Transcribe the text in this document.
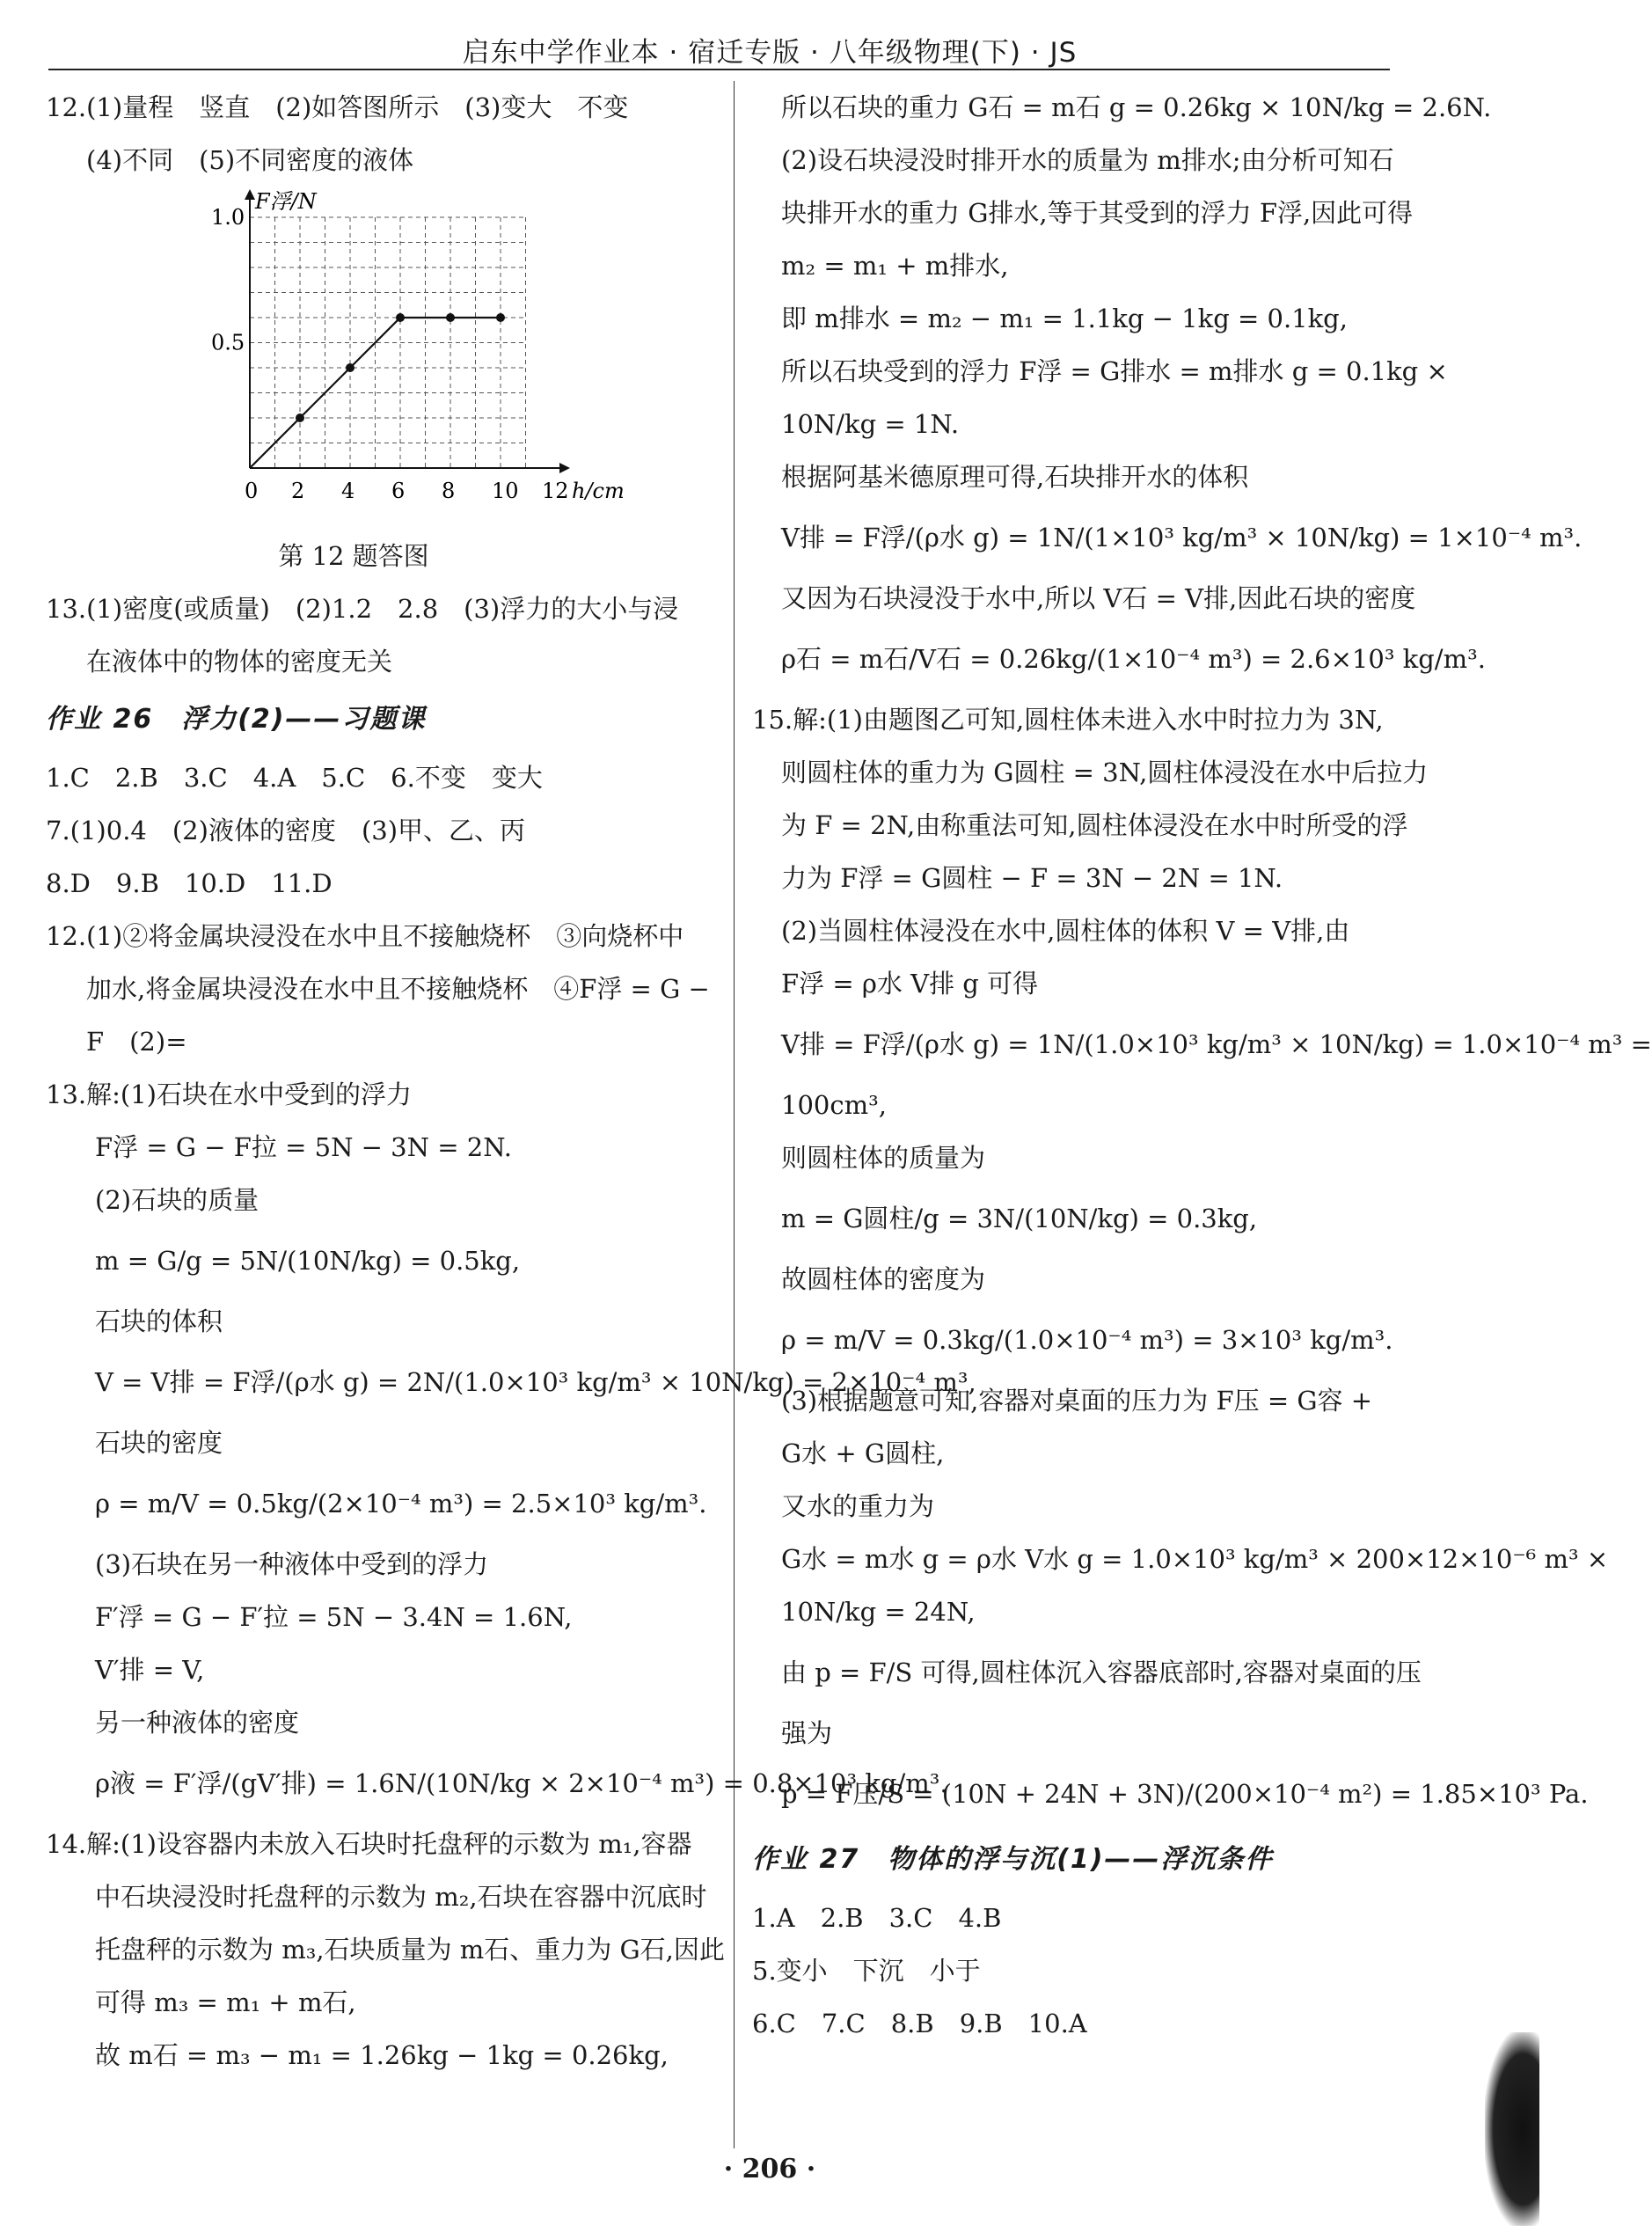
启东中学作业本 · 宿迁专版 · 八年级物理(下) · JS
12.(1)量程　竖直　(2)如答图所示　(3)变大　不变
(4)不同　(5)不同密度的液体
0 2 4 6 8 10 12
0.5
1.0
h/cm
F浮/N
第 12 题答图
13.(1)密度(或质量)　(2)1.2　2.8　(3)浮力的大小与浸
在液体中的物体的密度无关
作业 26　浮力(2)——习题课
1.C　2.B　3.C　4.A　5.C　6.不变　变大
7.(1)0.4　(2)液体的密度　(3)甲、乙、丙
8.D　9.B　10.D　11.D
12.(1)②将金属块浸没在水中且不接触烧杯　③向烧杯中
加水,将金属块浸没在水中且不接触烧杯　④F浮 = G −
F　(2)=
13.解:(1)石块在水中受到的浮力
F浮 = G − F拉 = 5N − 3N = 2N.
(2)石块的质量
m = G/g = 5N/(10N/kg) = 0.5kg,
石块的体积
V = V排 = F浮/(ρ水 g) = 2N/(1.0×10³ kg/m³ × 10N/kg) = 2×10⁻⁴ m³,
石块的密度
ρ = m/V = 0.5kg/(2×10⁻⁴ m³) = 2.5×10³ kg/m³.
(3)石块在另一种液体中受到的浮力
F′浮 = G − F′拉 = 5N − 3.4N = 1.6N,
V′排 = V,
另一种液体的密度
ρ液 = F′浮/(gV′排) = 1.6N/(10N/kg × 2×10⁻⁴ m³) = 0.8×10³ kg/m³.
14.解:(1)设容器内未放入石块时托盘秤的示数为 m₁,容器
中石块浸没时托盘秤的示数为 m₂,石块在容器中沉底时
托盘秤的示数为 m₃,石块质量为 m石、重力为 G石,因此
可得 m₃ = m₁ + m石,
故 m石 = m₃ − m₁ = 1.26kg − 1kg = 0.26kg,
所以石块的重力 G石 = m石 g = 0.26kg × 10N/kg = 2.6N.
(2)设石块浸没时排开水的质量为 m排水;由分析可知石
块排开水的重力 G排水,等于其受到的浮力 F浮,因此可得
m₂ = m₁ + m排水,
即 m排水 = m₂ − m₁ = 1.1kg − 1kg = 0.1kg,
所以石块受到的浮力 F浮 = G排水 = m排水 g = 0.1kg ×
10N/kg = 1N.
根据阿基米德原理可得,石块排开水的体积
V排 = F浮/(ρ水 g) = 1N/(1×10³ kg/m³ × 10N/kg) = 1×10⁻⁴ m³.
又因为石块浸没于水中,所以 V石 = V排,因此石块的密度
ρ石 = m石/V石 = 0.26kg/(1×10⁻⁴ m³) = 2.6×10³ kg/m³.
15.解:(1)由题图乙可知,圆柱体未进入水中时拉力为 3N,
则圆柱体的重力为 G圆柱 = 3N,圆柱体浸没在水中后拉力
为 F = 2N,由称重法可知,圆柱体浸没在水中时所受的浮
力为 F浮 = G圆柱 − F = 3N − 2N = 1N.
(2)当圆柱体浸没在水中,圆柱体的体积 V = V排,由
F浮 = ρ水 V排 g 可得
V排 = F浮/(ρ水 g) = 1N/(1.0×10³ kg/m³ × 10N/kg) = 1.0×10⁻⁴ m³ =
100cm³,
则圆柱体的质量为
m = G圆柱/g = 3N/(10N/kg) = 0.3kg,
故圆柱体的密度为
ρ = m/V = 0.3kg/(1.0×10⁻⁴ m³) = 3×10³ kg/m³.
(3)根据题意可知,容器对桌面的压力为 F压 = G容 +
G水 + G圆柱,
又水的重力为
G水 = m水 g = ρ水 V水 g = 1.0×10³ kg/m³ × 200×12×10⁻⁶ m³ ×
10N/kg = 24N,
由 p = F/S 可得,圆柱体沉入容器底部时,容器对桌面的压
强为
p = F压/S = (10N + 24N + 3N)/(200×10⁻⁴ m²) = 1.85×10³ Pa.
作业 27　物体的浮与沉(1)——浮沉条件
1.A　2.B　3.C　4.B
5.变小　下沉　小于
6.C　7.C　8.B　9.B　10.A
· 206 ·
